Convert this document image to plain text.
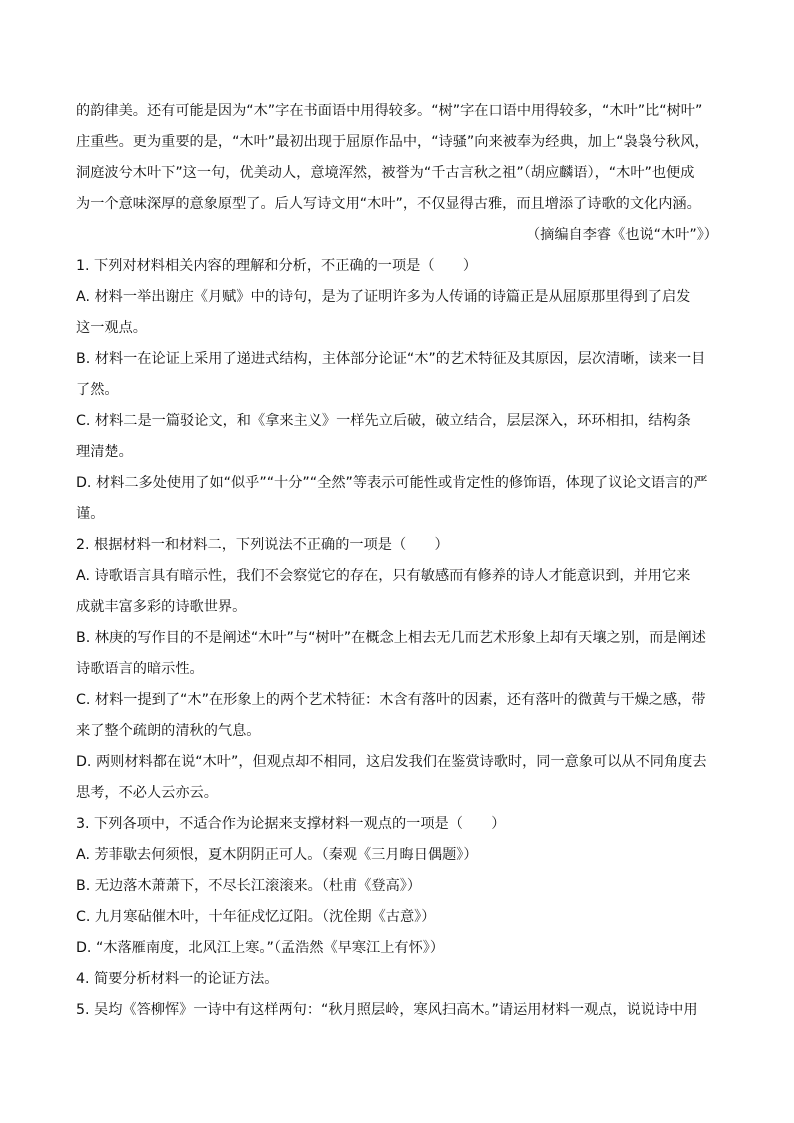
的韵律美。还有可能是因为“木”字在书面语中用得较多。“树”字在口语中用得较多，“木叶”比“树叶”
庄重些。更为重要的是，“木叶”最初出现于屈原作品中，“诗骚”向来被奉为经典，加上“袅袅兮秋风，
洞庭波兮木叶下”这一句，优美动人，意境浑然，被誉为“千古言秋之祖”（胡应麟语），“木叶”也便成
为一个意味深厚的意象原型了。后人写诗文用“木叶”，不仅显得古雅，而且增添了诗歌的文化内涵。
（摘编自李睿《也说“木叶”》）
1. 下列对材料相关内容的理解和分析，不正确的一项是（　　）
A. 材料一举出谢庄《月赋》中的诗句，是为了证明许多为人传诵的诗篇正是从屈原那里得到了启发
这一观点。
B. 材料一在论证上采用了递进式结构，主体部分论证“木”的艺术特征及其原因，层次清晰，读来一目
了然。
C. 材料二是一篇驳论文，和《拿来主义》一样先立后破，破立结合，层层深入，环环相扣，结构条
理清楚。
D. 材料二多处使用了如“似乎”“十分”“全然”等表示可能性或肯定性的修饰语，体现了议论文语言的严
谨。
2. 根据材料一和材料二，下列说法不正确的一项是（　　）
A. 诗歌语言具有暗示性，我们不会察觉它的存在，只有敏感而有修养的诗人才能意识到，并用它来
成就丰富多彩的诗歌世界。
B. 林庚的写作目的不是阐述“木叶”与“树叶”在概念上相去无几而艺术形象上却有天壤之别，而是阐述
诗歌语言的暗示性。
C. 材料一提到了“木”在形象上的两个艺术特征：木含有落叶的因素，还有落叶的微黄与干燥之感，带
来了整个疏朗的清秋的气息。
D. 两则材料都在说“木叶”，但观点却不相同，这启发我们在鉴赏诗歌时，同一意象可以从不同角度去
思考，不必人云亦云。
3. 下列各项中，不适合作为论据来支撑材料一观点的一项是（　　）
A. 芳菲歇去何须恨，夏木阴阴正可人。（秦观《三月晦日偶题》）
B. 无边落木萧萧下，不尽长江滚滚来。（杜甫《登高》）
C. 九月寒砧催木叶，十年征戍忆辽阳。（沈佺期《古意》）
D. “木落雁南度，北风江上寒。”（孟浩然《早寒江上有怀》）
4. 简要分析材料一的论证方法。
5. 吴均《答柳恽》一诗中有这样两句：“秋月照层岭，寒风扫高木。”请运用材料一观点，说说诗中用
